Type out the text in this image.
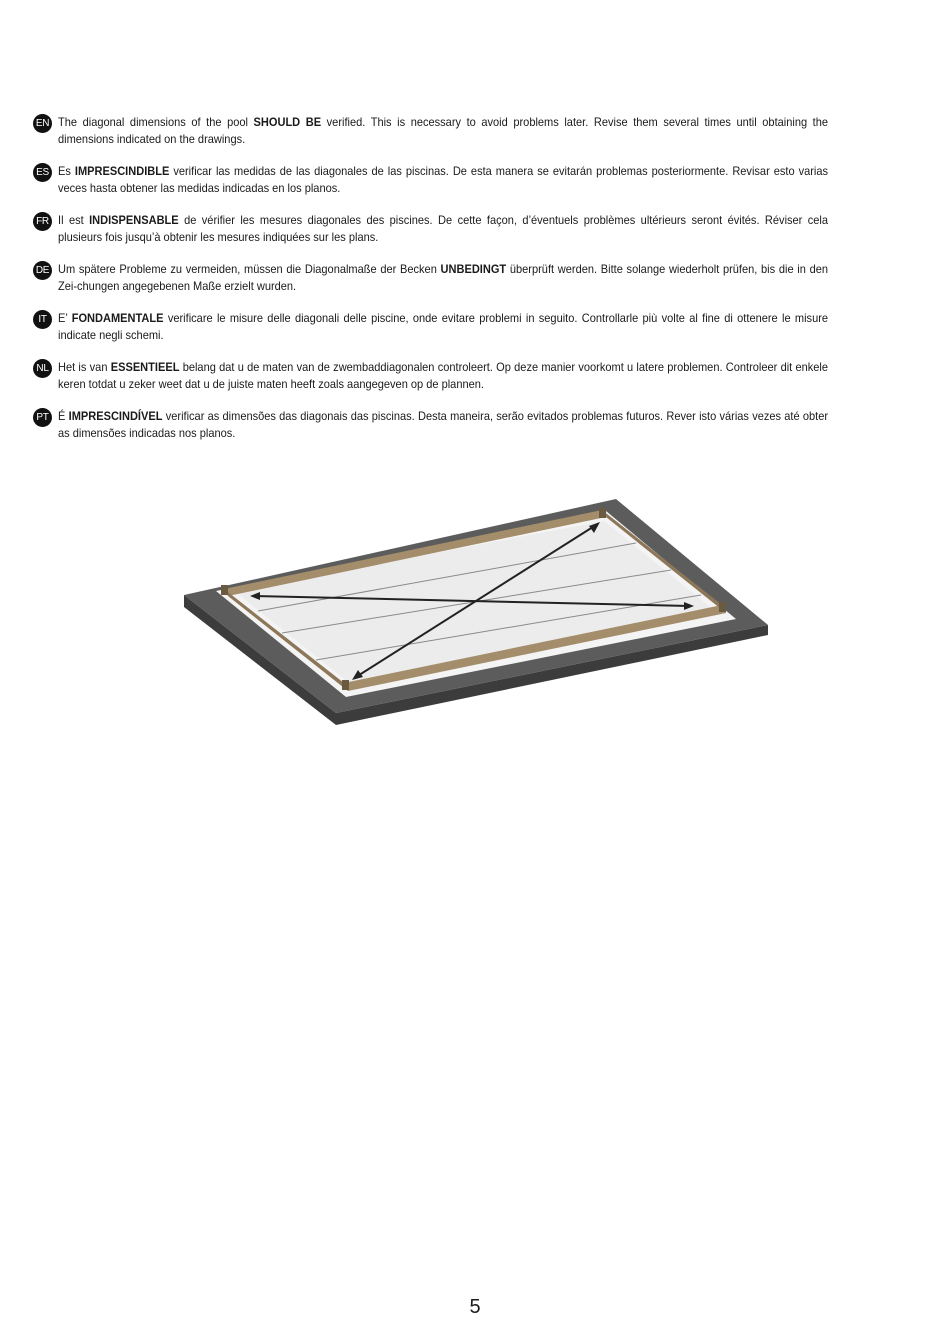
EN The diagonal dimensions of the pool SHOULD BE verified. This is necessary to avoid problems later. Revise them several times until obtaining the dimensions indicated on the drawings.
ES Es IMPRESCINDIBLE verificar las medidas de las diagonales de las piscinas. De esta manera se evitarán problemas posteriormente. Revisar esto varias veces hasta obtener las medidas indicadas en los planos.
FR Il est INDISPENSABLE de vérifier les mesures diagonales des piscines. De cette façon, d’éventuels problèmes ultérieurs seront évités. Réviser cela plusieurs fois jusqu’à obtenir les mesures indiquées sur les plans.
DE Um spätere Probleme zu vermeiden, müssen die Diagonalmaße der Becken UNBEDINGT überprüft werden. Bitte solange wiederholt prüfen, bis die in den Zei-chungen angegebenen Maße erzielt wurden.
IT E’ FONDAMENTALE verificare le misure delle diagonali delle piscine, onde evitare problemi in seguito. Controllarle più volte al fine di ottenere le misure indicate negli schemi.
NL Het is van ESSENTIEEL belang dat u de maten van de zwembaddiagonalen controleert. Op deze manier voorkomt u latere problemen. Controleer dit enkele keren totdat u zeker weet dat u de juiste maten heeft zoals aangegeven op de plannen.
PT É IMPRESCINDÍVEL verificar as dimensões das diagonais das piscinas. Desta maneira, serão evitados problemas futuros. Rever isto várias vezes até obter as dimensões indicadas nos planos.
5
